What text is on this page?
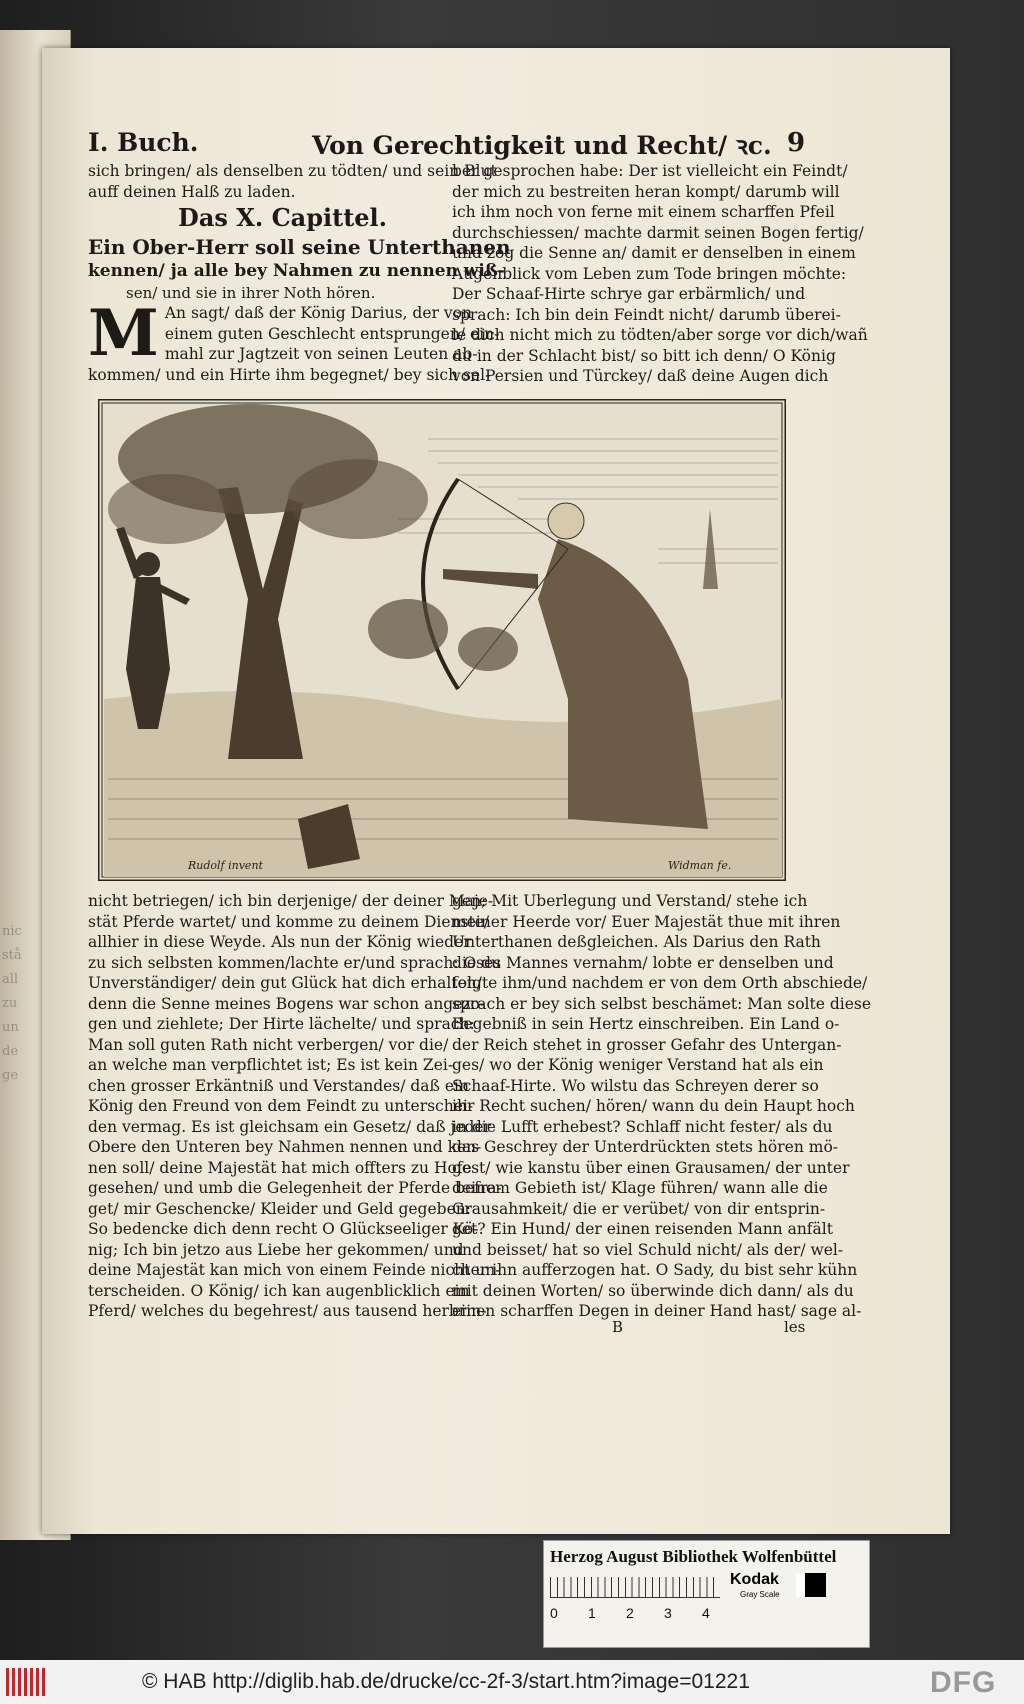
nic
stå
all
zu
un
de
ge
I. Buch.	Von Gerechtigkeit und Recht/ ꝛc. 9

sich bringen/ als denselben zu tödten/ und sein Blut

auff deinen Halß zu laden.

Das X. Capittel.

Ein Ober-Herr soll seine Unterthanen

kennen/ ja alle bey Nahmen zu nennen wiß-

sen/ und sie in ihrer Noth hören.

M An sagt/ daß der König Darius, der von

einem guten Geschlecht entsprungen/ ein-

mahl zur Jagtzeit von seinen Leuten ab-

kommen/ und ein Hirte ihm begegnet/ bey sich sel-

ber gesprochen habe: Der ist vielleicht ein Feindt/

der mich zu bestreiten heran kompt/ darumb will

ich ihm noch von ferne mit einem scharffen Pfeil

durchschiessen/ machte darmit seinen Bogen fertig/

und zog die Senne an/ damit er denselben in einem

Augenblick vom Leben zum Tode bringen möchte:

Der Schaaf-Hirte schrye gar erbärmlich/ und

sprach: Ich bin dein Feindt nicht/ darumb überei-

le dich nicht mich zu tödten/aber sorge vor dich/wañ

du in der Schlacht bist/ so bitt ich denn/ O König

von Persien und Türckey/ daß deine Augen dich

Rudolf invent	Widman fe.

nicht betriegen/ ich bin derjenige/ der deiner Maje-

stät Pferde wartet/ und komme zu deinem Dienste/

allhier in diese Weyde. Als nun der König wieder

zu sich selbsten kommen/lachte er/und sprach: O du

Unverständiger/ dein gut Glück hat dich erhalten/

denn die Senne meines Bogens war schon angezo-

gen und ziehlete; Der Hirte lächelte/ und sprach:

Man soll guten Rath nicht verbergen/ vor die/

an welche man verpflichtet ist; Es ist kein Zei-

chen grosser Erkäntniß und Verstandes/ daß ein

König den Freund von dem Feindt zu unterschei-

den vermag. Es ist gleichsam ein Gesetz/ daß jeder

Obere den Unteren bey Nahmen nennen und ken-

nen soll/ deine Majestät hat mich offters zu Hofe

gesehen/ und umb die Gelegenheit der Pferde befra-

get/ mir Geschencke/ Kleider und Geld gegeben:

So bedencke dich denn recht O Glückseeliger Kö-

nig; Ich bin jetzo aus Liebe her gekommen/ und

deine Majestät kan mich von einem Feinde nicht un-

terscheiden. O König/ ich kan augenblicklich ein

Pferd/ welches du begehrest/ aus tausend herbrin-

gen; Mit Uberlegung und Verstand/ stehe ich

meiner Heerde vor/ Euer Majestät thue mit ihren

Unterthanen deßgleichen. Als Darius den Rath

dieses Mannes vernahm/ lobte er denselben und

folgte ihm/und nachdem er von dem Orth abschiede/

sprach er bey sich selbst beschämet: Man solte diese

Begebniß in sein Hertz einschreiben. Ein Land o-

der Reich stehet in grosser Gefahr des Untergan-

ges/ wo der König weniger Verstand hat als ein

Schaaf-Hirte. Wo wilstu das Schreyen derer so

ihr Recht suchen/ hören/ wann du dein Haupt hoch

in die Lufft erhebest? Schlaff nicht fester/ als du

das Geschrey der Unterdrückten stets hören mö-

gest/ wie kanstu über einen Grausamen/ der unter

deinem Gebieth ist/ Klage führen/ wann alle die

Grausahmkeit/ die er verübet/ von dir entsprin-

get? Ein Hund/ der einen reisenden Mann anfält

und beisset/ hat so viel Schuld nicht/ als der/ wel-

cher ihn aufferzogen hat. O Sady, du bist sehr kühn

mit deinen Worten/ so überwinde dich dann/ als du

einen scharffen Degen in deiner Hand hast/ sage al-

B	les
Herzog August Bibliothek Wolfenbüttel
0 1 2 3 4
Kodak
Gray Scale
© HAB http://diglib.hab.de/drucke/cc-2f-3/start.htm?image=01221	DFG
